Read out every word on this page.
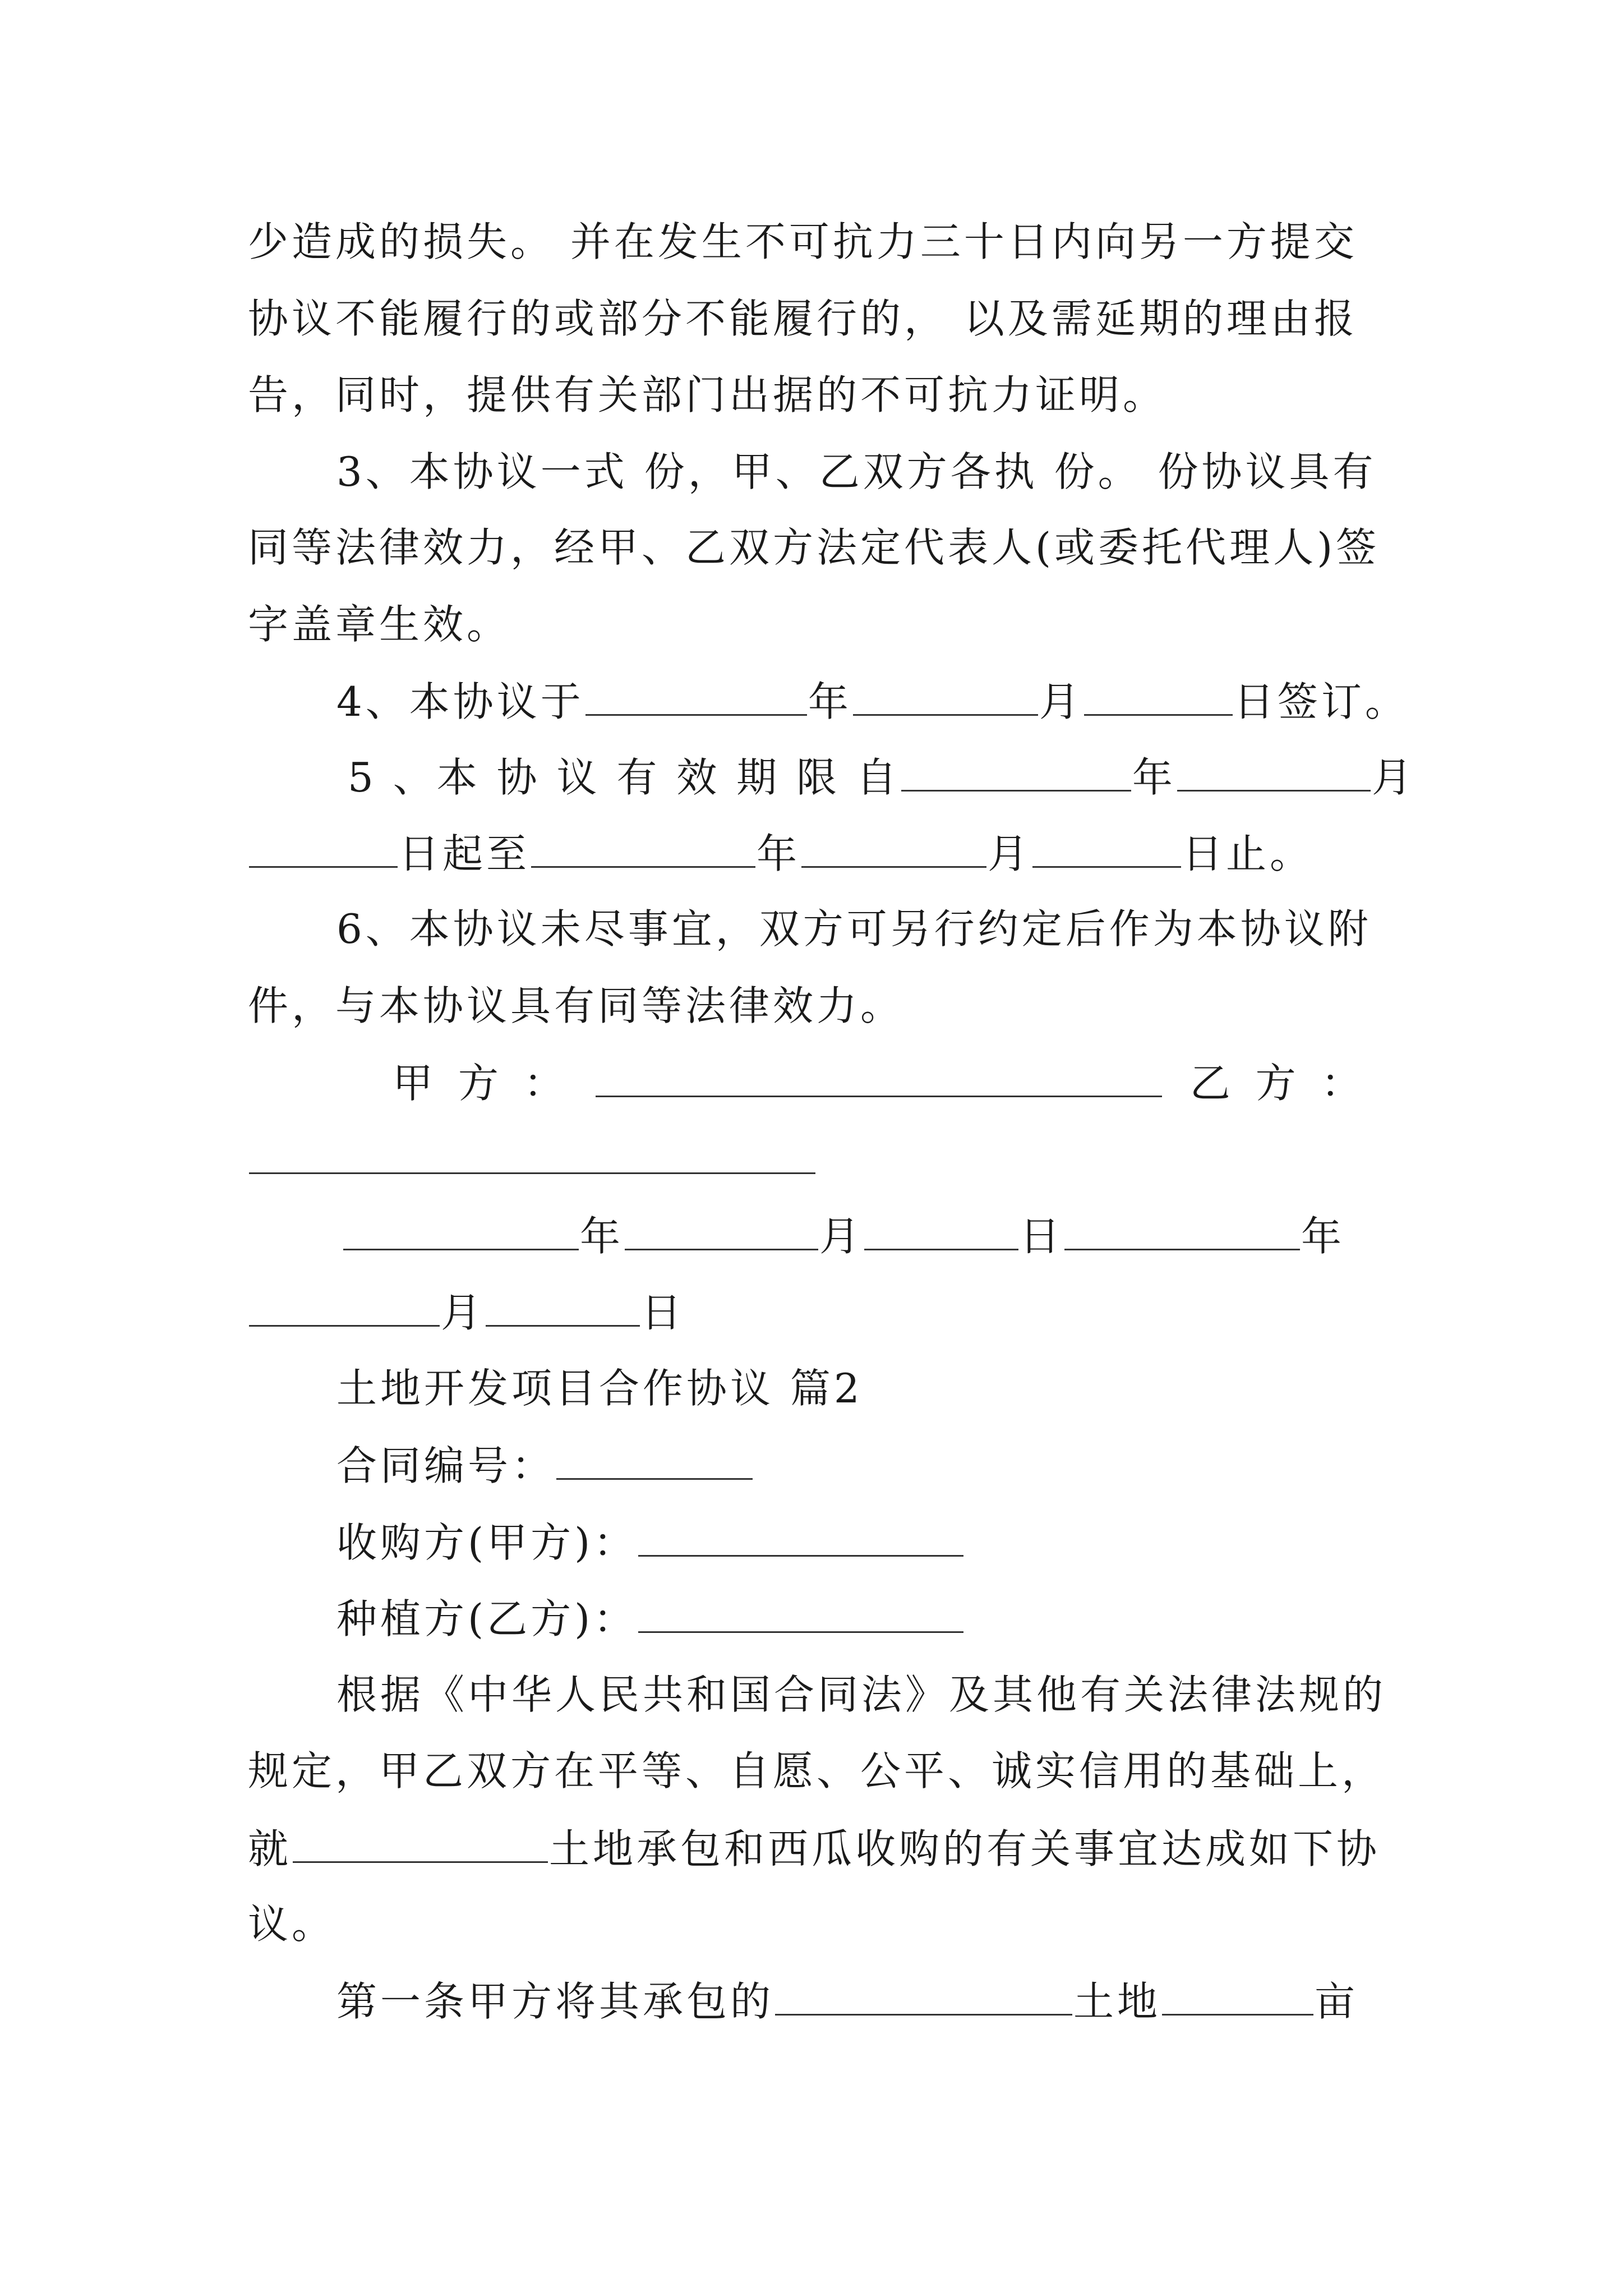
少造成的损失。 并在发生不可抗力三十日内向另一方提交
协议不能履行的或部分不能履行的， 以及需延期的理由报
告，同时，提供有关部门出据的不可抗力证明。
3、本协议一式 份，甲、乙双方各执 份。 份协议具有
同等法律效力，经甲、乙双方法定代表人(或委托代理人)签
字盖章生效。
4、本协议于	年	月	日签订。
5 、本 协 议 有 效 期 限 自	年	月
日起至	年	月	日止。
6、本协议未尽事宜，双方可另行约定后作为本协议附
件，与本协议具有同等法律效力。
甲 方 ：	乙 方 ：
年	月	日	年
月	日
土地开发项目合作协议 篇2
合同编号：
收购方(甲方)：
种植方(乙方)：
根据《中华人民共和国合同法》及其他有关法律法规的
规定，甲乙双方在平等、自愿、公平、诚实信用的基础上，
就	土地承包和西瓜收购的有关事宜达成如下协
议。
第一条甲方将其承包的	土地	亩
